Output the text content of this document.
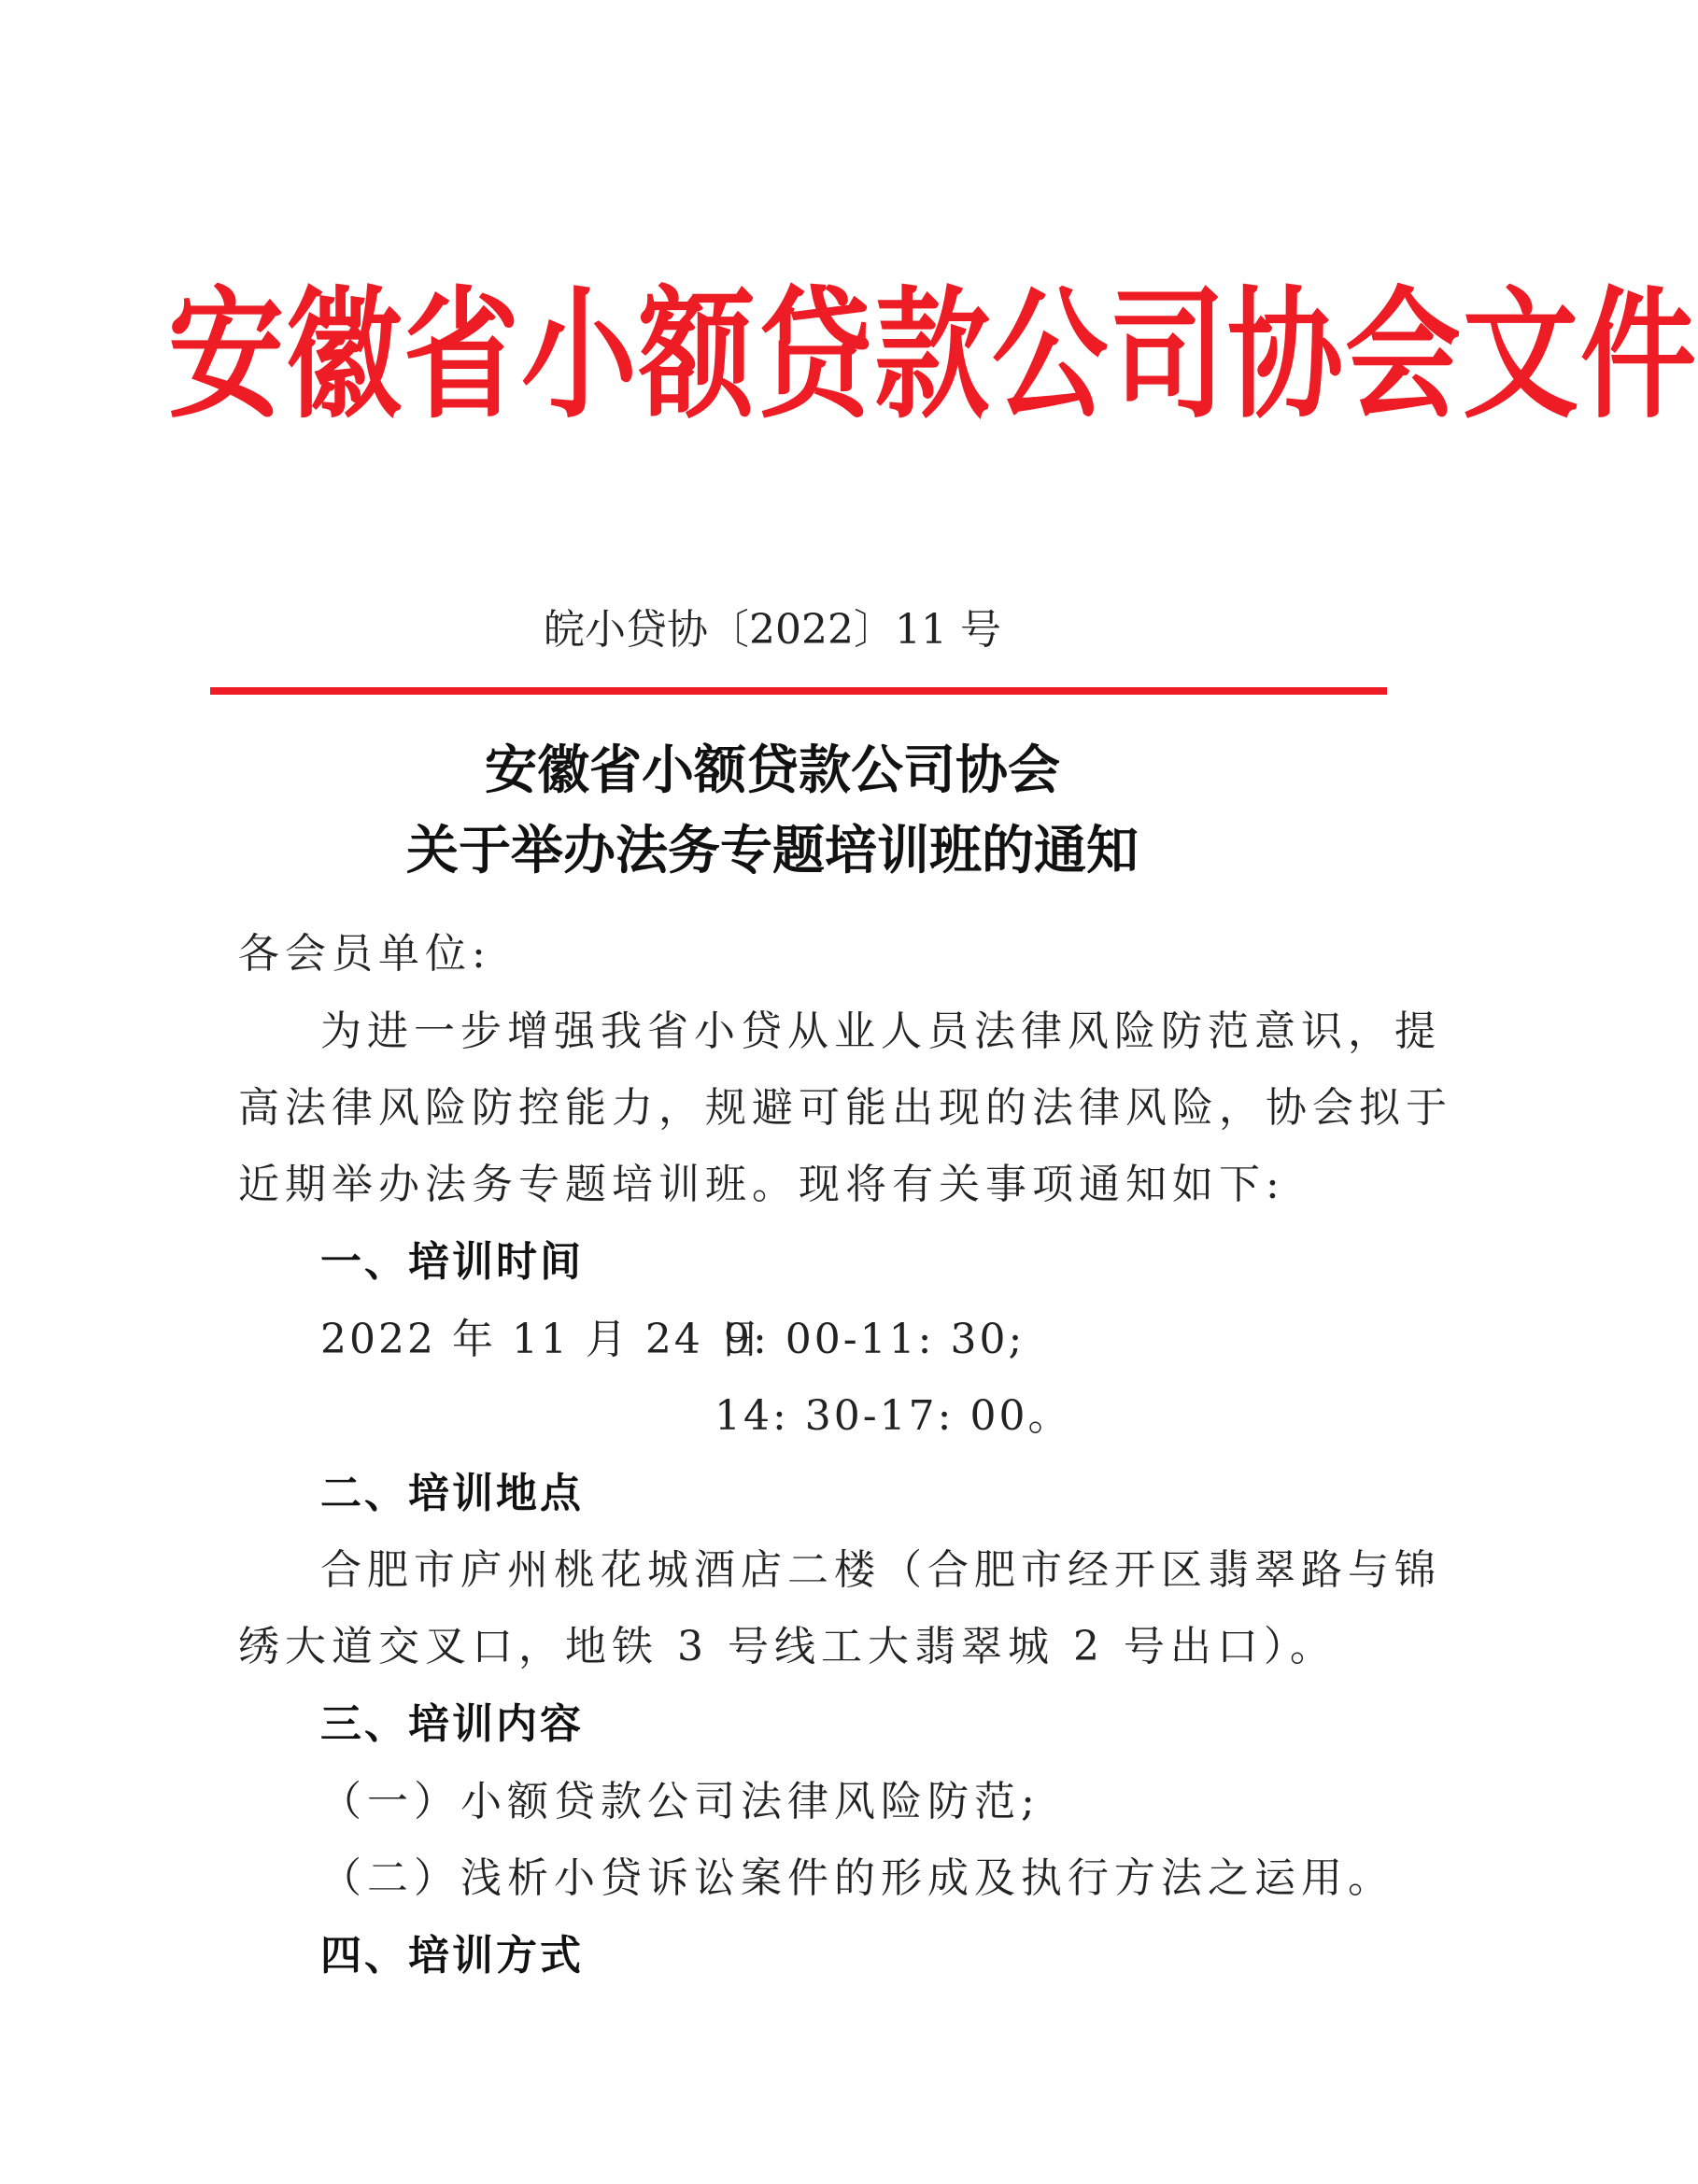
安徽省小额贷款公司协会文件
皖小贷协〔2022〕11 号
安徽省小额贷款公司协会
关于举办法务专题培训班的通知
各会员单位:
为进一步增强我省小贷从业人员法律风险防范意识，提
高法律风险防控能力，规避可能出现的法律风险，协会拟于
近期举办法务专题培训班。现将有关事项通知如下:
一、培训时间
2022 年 11 月 24 日
9: 00-11: 30;
14: 30-17: 00。
二、培训地点
合肥市庐州桃花城酒店二楼（合肥市经开区翡翠路与锦
绣大道交叉口，地铁 3 号线工大翡翠城 2 号出口）。
三、培训内容
（一）小额贷款公司法律风险防范;
（二）浅析小贷诉讼案件的形成及执行方法之运用。
四、培训方式
